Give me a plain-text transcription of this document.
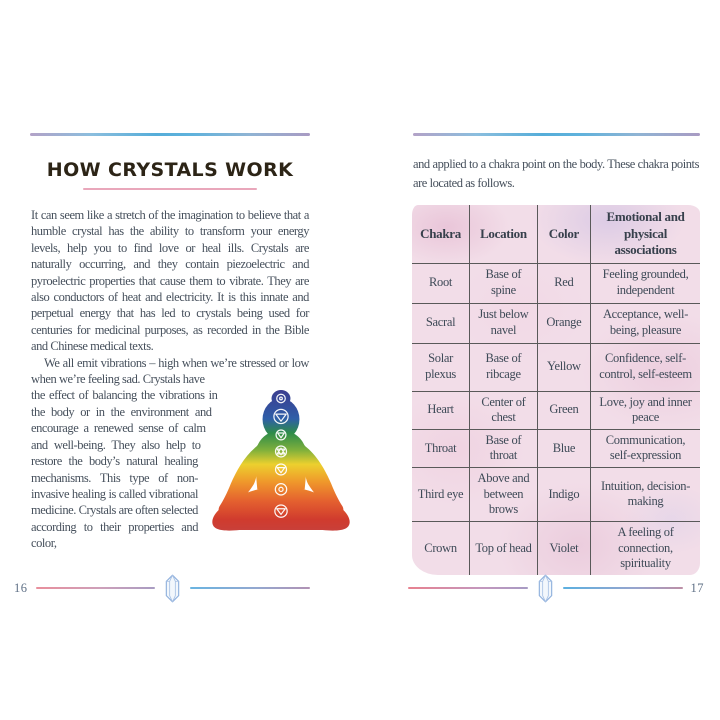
HOW CRYSTALS WORK

It can seem like a stretch of the imagination to believe that a humble crystal has the ability to transform your energy levels, help you to find love or heal ills. Crystals are naturally occurring, and they contain piezoelectric and pyroelectric properties that cause them to vibrate. They are also conductors of heat and electricity. It is this innate and perpetual energy that has led to crystals being used for centuries for medicinal purposes, as recorded in the Bible and Chinese medical texts.

We all emit vibrations – high when we’re stressed or low when we’re feeling sad. Crystals have

the effect of balancing the vibrations in the body or in the environment and encourage a renewed sense of calm and well-being. They also help to restore the body’s natural healing mechanisms. This type of non-invasive healing is called vibrational medicine. Crystals are often selected according to their properties and color,

16

and applied to a chakra point on the body. These chakra points are located as follows.

Chakra	Location	Color	Emotional and physical associations
Root	Base of spine	Red	Feeling grounded, independent
Sacral	Just below navel	Orange	Acceptance, well-being, pleasure
Solar plexus	Base of ribcage	Yellow	Confidence, self-control, self-esteem
Heart	Center of chest	Green	Love, joy and inner peace
Throat	Base of throat	Blue	Communication, self-expression
Third eye	Above and between brows	Indigo	Intuition, decision-making
Crown	Top of head	Violet	A feeling of connection, spirituality
17
